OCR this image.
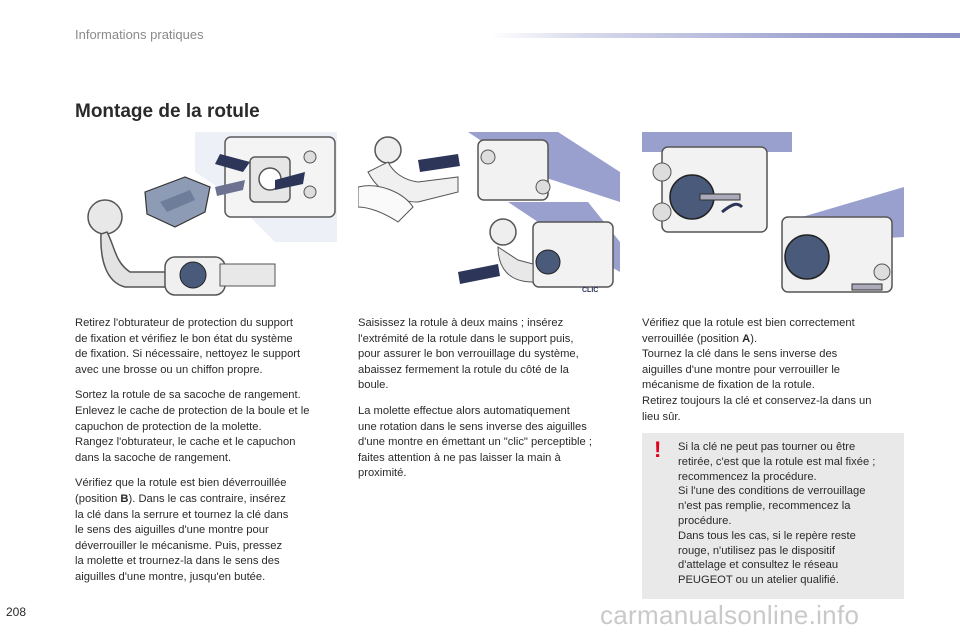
Informations pratiques
Montage de la rotule
CLIC

Retirez l'obturateur de protection du support
de fixation et vérifiez le bon état du système
de fixation. Si nécessaire, nettoyez le support
avec une brosse ou un chiffon propre.

Sortez la rotule de sa sacoche de rangement.
Enlevez le cache de protection de la boule et le
capuchon de protection de la molette.
Rangez l'obturateur, le cache et le capuchon
dans la sacoche de rangement.

Vérifiez que la rotule est bien déverrouillée
(position B). Dans le cas contraire, insérez
la clé dans la serrure et tournez la clé dans
le sens des aiguilles d'une montre pour
déverrouiller le mécanisme. Puis, pressez
la molette et trournez-la dans le sens des
aiguilles d'une montre, jusqu'en butée.

Saisissez la rotule à deux mains ; insérez
l'extrémité de la rotule dans le support puis,
pour assurer le bon verrouillage du système,
abaissez fermement la rotule du côté de la
boule.

La molette effectue alors automatiquement
une rotation dans le sens inverse des aiguilles
d'une montre en émettant un "clic" perceptible ;
faites attention à ne pas laisser la main à
proximité.

Vérifiez que la rotule est bien correctement
verrouillée (position A).
Tournez la clé dans le sens inverse des
aiguilles d'une montre pour verrouiller le
mécanisme de fixation de la rotule.
Retirez toujours la clé et conservez-la dans un
lieu sûr.

! Si la clé ne peut pas tourner ou être
retirée, c'est que la rotule est mal fixée ;
recommencez la procédure.
Si l'une des conditions de verrouillage
n'est pas remplie, recommencez la
procédure.
Dans tous les cas, si le repère reste
rouge, n'utilisez pas le dispositif
d'attelage et consultez le réseau
PEUGEOT ou un atelier qualifié.
208	carmanualsonline.info
